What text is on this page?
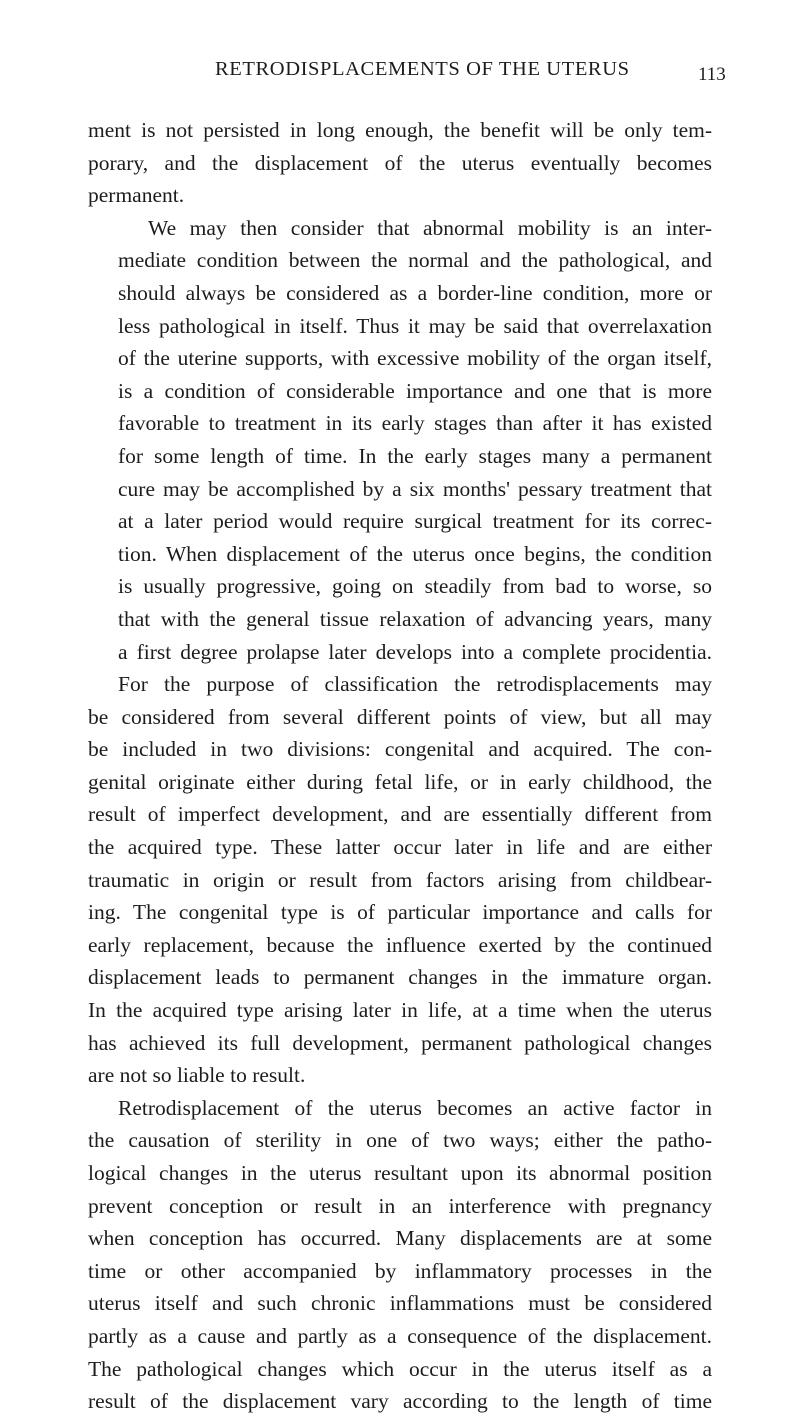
RETRODISPLACEMENTS OF THE UTERUS	113

ment is not persisted in long enough, the benefit will be only tem-
porary, and the displacement of the uterus eventually becomes
permanent.

We may then consider that abnormal mobility is an inter-
mediate condition between the normal and the pathological, and
should always be considered as a border-line condition, more or
less pathological in itself. Thus it may be said that overrelaxation
of the uterine supports, with excessive mobility of the organ itself,
is a condition of considerable importance and one that is more
favorable to treatment in its early stages than after it has existed
for some length of time. In the early stages many a permanent
cure may be accomplished by a six months' pessary treatment that
at a later period would require surgical treatment for its correc-
tion. When displacement of the uterus once begins, the condition
is usually progressive, going on steadily from bad to worse, so
that with the general tissue relaxation of advancing years, many
a first degree prolapse later develops into a complete procidentia.

For the purpose of classification the retrodisplacements may
be considered from several different points of view, but all may
be included in two divisions: congenital and acquired. The con-
genital originate either during fetal life, or in early childhood, the
result of imperfect development, and are essentially different from
the acquired type. These latter occur later in life and are either
traumatic in origin or result from factors arising from childbear-
ing. The congenital type is of particular importance and calls for
early replacement, because the influence exerted by the continued
displacement leads to permanent changes in the immature organ.
In the acquired type arising later in life, at a time when the uterus
has achieved its full development, permanent pathological changes
are not so liable to result.

Retrodisplacement of the uterus becomes an active factor in
the causation of sterility in one of two ways; either the patho-
logical changes in the uterus resultant upon its abnormal position
prevent conception or result in an interference with pregnancy
when conception has occurred. Many displacements are at some
time or other accompanied by inflammatory processes in the
uterus itself and such chronic inflammations must be considered
partly as a cause and partly as a consequence of the displacement.
The pathological changes which occur in the uterus itself as a
result of the displacement vary according to the length of time
